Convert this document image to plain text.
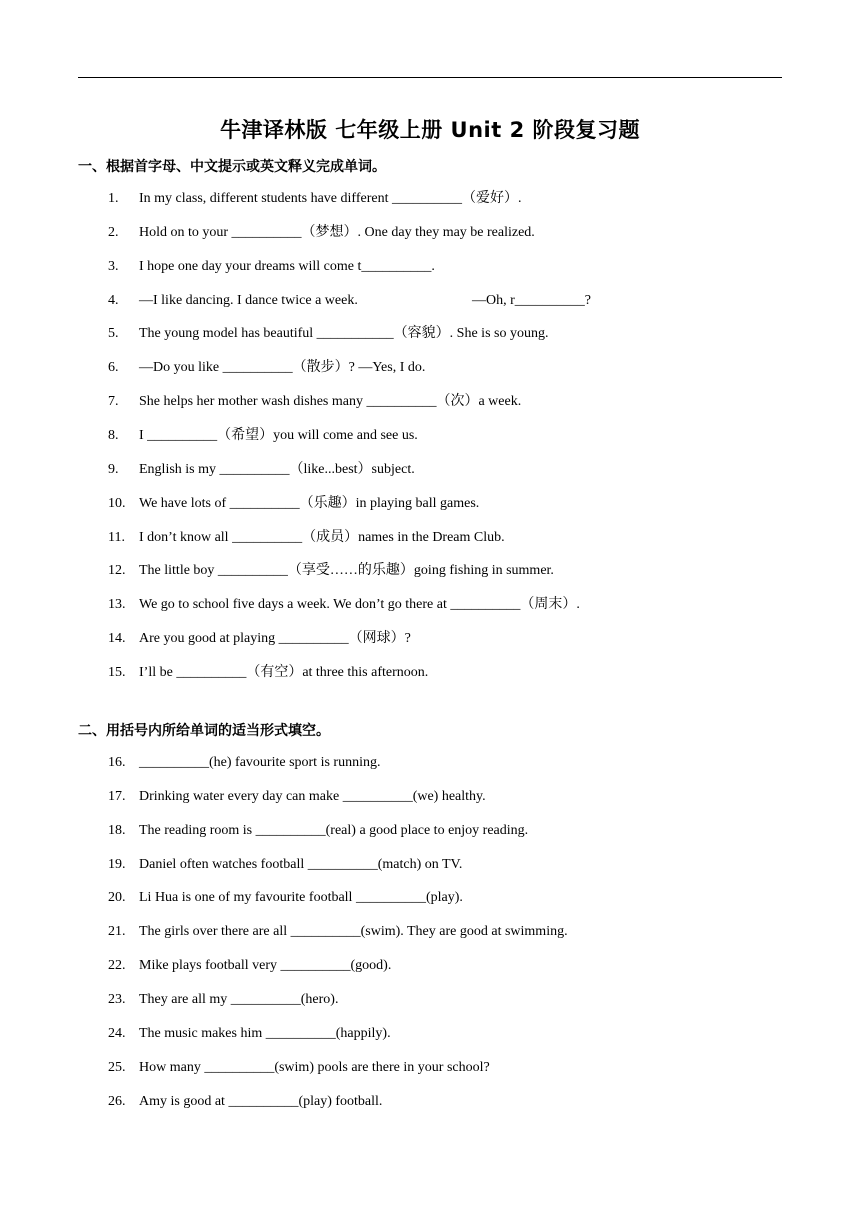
牛津译林版 七年级上册 Unit 2 阶段复习题
一、根据首字母、中文提示或英文释义完成单词。
1.	In my class, different students have different __________（爱好）.
2.	Hold on to your __________（梦想）. One day they may be realized.
3.	I hope one day your dreams will come t__________.
4.	—I like dancing. I dance twice a week.	—Oh, r__________?
5.	The young model has beautiful ___________（容貌）. She is so young.
6.	—Do you like __________（散步）? —Yes, I do.
7.	She helps her mother wash dishes many __________（次）a week.
8.	I __________（希望）you will come and see us.
9.	English is my __________（like...best）subject.
10. We have lots of __________（乐趣）in playing ball games.
11.	I don’t know all __________（成员）names in the Dream Club.
12. The little boy __________（享受……的乐趣）going fishing in summer.
13. We go to school five days a week. We don’t go there at __________（周末）.
14. Are you good at playing __________（网球）?
15. I’ll be __________（有空）at three this afternoon.
二、用括号内所给单词的适当形式填空。
16. __________(he) favourite sport is running.
17. Drinking water every day can make __________(we) healthy.
18. The reading room is __________(real) a good place to enjoy reading.
19. Daniel often watches football __________(match) on TV.
20. Li Hua is one of my favourite football __________(play).
21. The girls over there are all __________(swim). They are good at swimming.
22. Mike plays football very __________(good).
23. They are all my __________(hero).
24. The music makes him __________(happily).
25. How many __________(swim) pools are there in your school?
26. Amy is good at __________(play) football.
